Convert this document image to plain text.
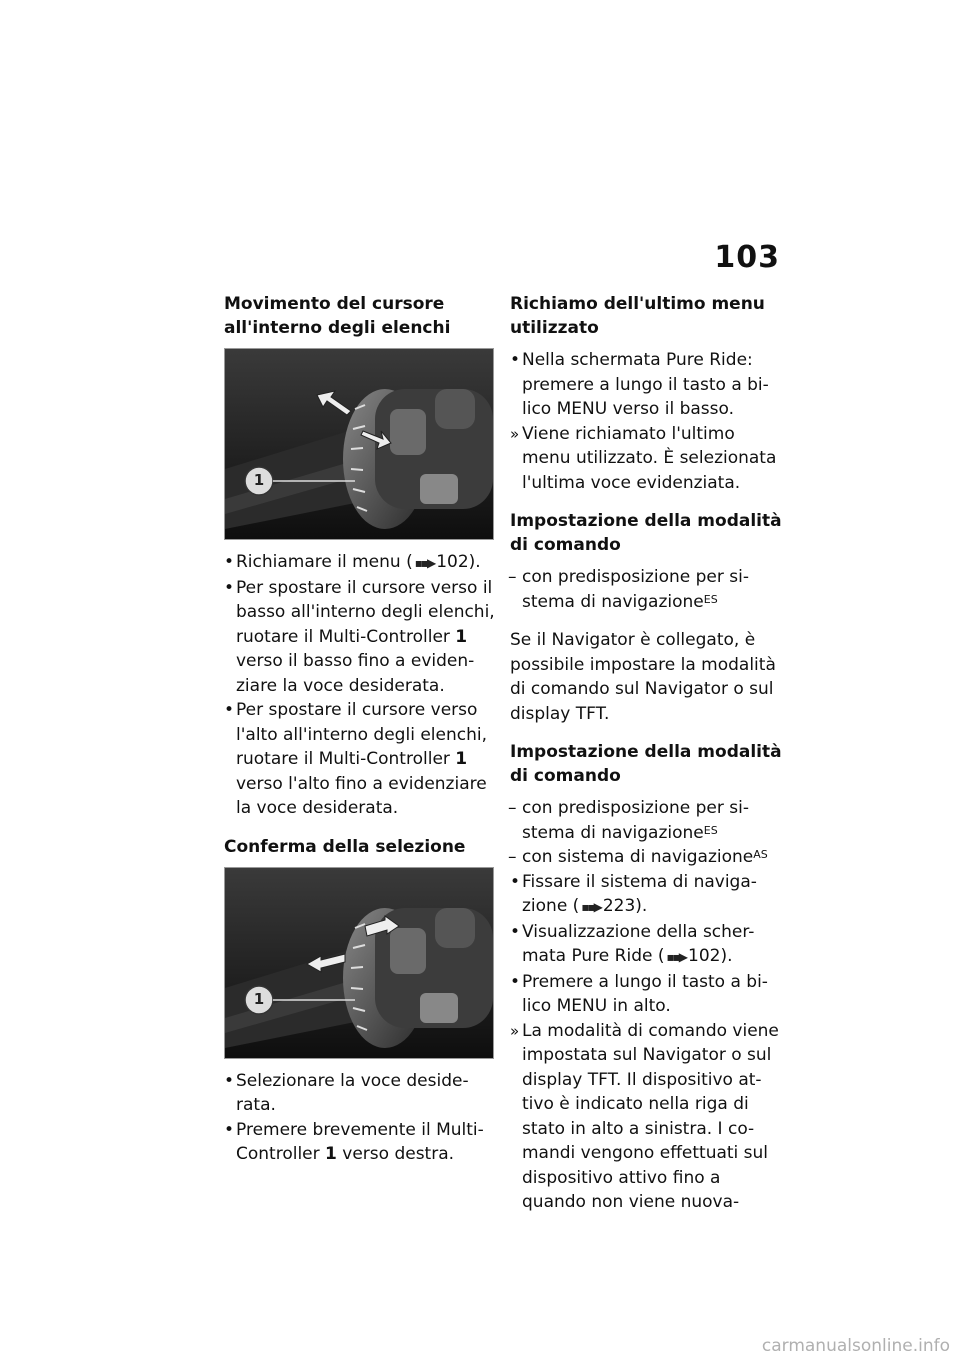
103
Movimento del cursore all'interno degli elenchi
1
• Richiamare il menu ( ▪▪▶ 102).
• Per spostare il cursore verso il basso all'interno degli elenchi, ruotare il Multi-Controller 1 verso il basso fino a eviden-ziare la voce desiderata.
• Per spostare il cursore verso l'alto all'interno degli elenchi, ruotare il Multi-Controller 1 verso l'alto fino a evidenziare la voce desiderata.
Conferma della selezione
1
• Selezionare la voce deside-rata.
• Premere brevemente il Multi-Controller 1 verso destra.
Richiamo dell'ultimo menu utilizzato
• Nella schermata Pure Ride: premere a lungo il tasto a bi-lico MENU verso il basso.
» Viene richiamato l'ultimo menu utilizzato. È selezionata l'ultima voce evidenziata.
Impostazione della modalità di comando
– con predisposizione per si-stema di navigazione$^{ES}$

Se il Navigator è collegato, è possibile impostare la modalità di comando sul Navigator o sul display TFT.

Impostazione della modalità di comando
– con predisposizione per si-stema di navigazione$^{ES}$
– con sistema di navigazione$^{AS}$
• Fissare il sistema di naviga-zione ( ▪▪▶ 223).
• Visualizzazione della scher-mata Pure Ride ( ▪▪▶ 102).
• Premere a lungo il tasto a bi-lico MENU in alto.
» La modalità di comando viene impostata sul Navigator o sul display TFT. Il dispositivo at-tivo è indicato nella riga di stato in alto a sinistra. I co-mandi vengono effettuati sul dispositivo attivo fino a quando non viene nuova-
carmanualsonline.info
